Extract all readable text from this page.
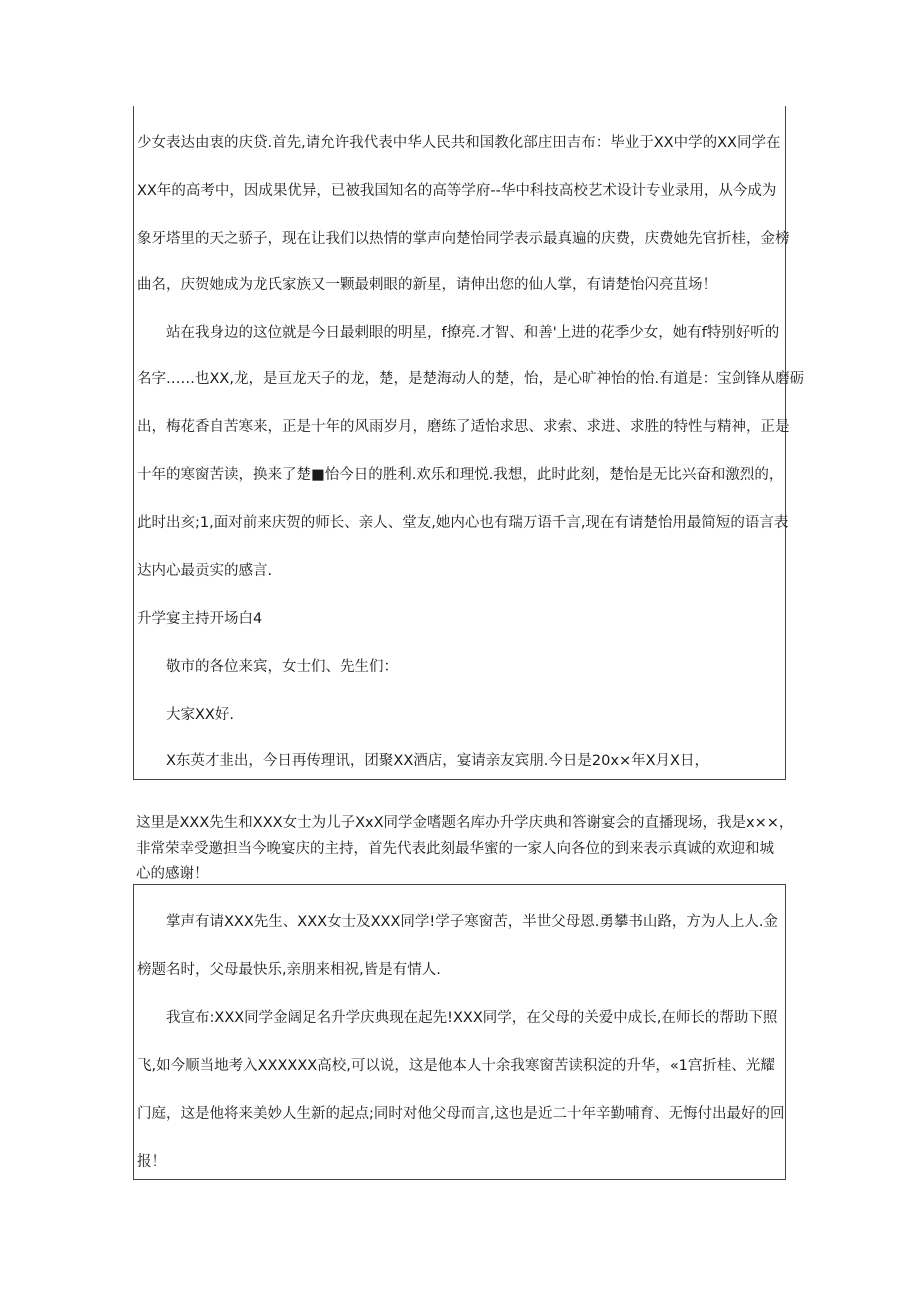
少女表达由衷的庆贷.首先,请允许我代表中华人民共和国教化部庄田吉布：毕业于XX中学的XX同学在
XX年的高考中，因成果优异，已被我国知名的高等学府--华中科技高校艺术设计专业录用，从今成为
象牙塔里的天之骄子，现在让我们以热情的掌声向楚怡同学表示最真遍的庆费，庆费她先官折桂，金榜
曲名，庆贺她成为龙氏家族又一颗最剌眼的新星，请伸出您的仙人掌，有请楚怡闪亮苴场！
　　站在我身边的这位就是今日最剌眼的明星，f撩亮.才智、和善'上进的花季少女，她有f特别好听的
名字……也XX,龙，是亘龙天子的龙，楚，是楚海动人的楚，怡，是心旷神怡的怡.有道是：宝剑锋从磨砺
出，梅花香自苦寒来，正是十年的风雨岁月，磨练了适怡求思、求索、求进、求胜的特性与精神，正是
十年的寒窗苦读，换来了楚■怡今日的胜利.欢乐和理悦.我想，此时此刻，楚怡是无比兴奋和激烈的，
此时出亥;1,面对前来庆贺的师长、亲人、堂友,她内心也有瑞万语千言,现在有请楚怡用最简短的语言表
达内心最贡实的感言.
升学宴主持开场白4
　　敬市的各位来宾，女士们、先生们：
　　大家XX好.
　　X东英才韭出，今日再传理讯，团聚XX酒店，宴请亲友宾朋.今日是20x×年X月X日，
这里是XXX先生和XXX女士为儿子XxX同学金嗜题名库办升学庆典和答谢宴会的直播现场，我是x××，
非常荣幸受邀担当今晚宴庆的主持，首先代表此刻最华蜜的一家人向各位的到来表示真诚的欢迎和城
心的感谢！
　　掌声有请XXX先生、XXX女士及XXX同学!学子寒窗苦，半世父母恩.勇攀书山路，方为人上人.金
榜题名时，父母最快乐,亲朋来相祝,皆是有情人.
　　我宣布:XXX同学金阔足名升学庆典现在起先!XXX同学，在父母的关爱中成长,在师长的帮助下照
飞,如今顺当地考入XXXXXX高校,可以说，这是他本人十余我寒窗苦读积淀的升华，«1宫折桂、光耀
门庭，这是他将来美妙人生新的起点;同时对他父母而言,这也是近二十年辛勤哺育、无悔付出最好的回
报！
